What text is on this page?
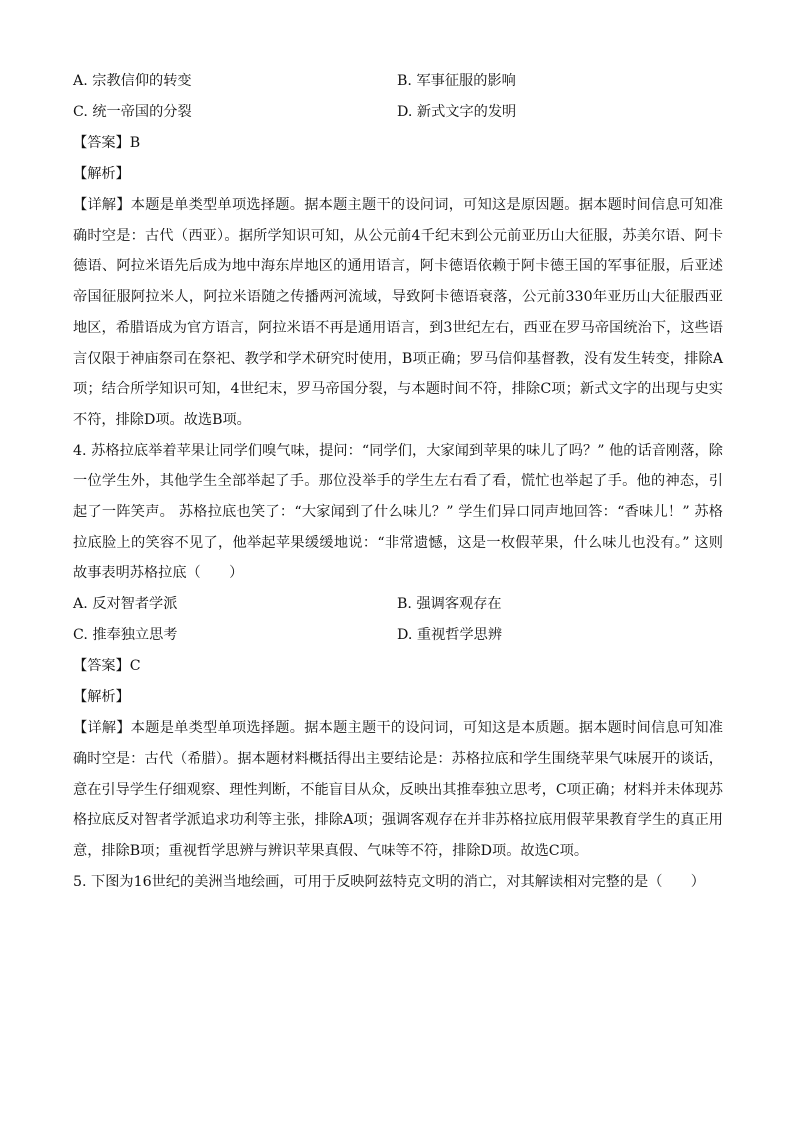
A. 宗教信仰的转变	B. 军事征服的影响
C. 统一帝国的分裂	D. 新式文字的发明
【答案】B
【解析】

【详解】本题是单类型单项选择题。据本题主题干的设问词，可知这是原因题。据本题时间信息可知准确时空是：古代（西亚）。据所学知识可知，从公元前4千纪末到公元前亚历山大征服，苏美尔语、阿卡德语、阿拉米语先后成为地中海东岸地区的通用语言，阿卡德语依赖于阿卡德王国的军事征服，后亚述帝国征服阿拉米人，阿拉米语随之传播两河流域，导致阿卡德语衰落，公元前330年亚历山大征服西亚地区，希腊语成为官方语言，阿拉米语不再是通用语言，到3世纪左右，西亚在罗马帝国统治下，这些语言仅限于神庙祭司在祭祀、教学和学术研究时使用，B项正确；罗马信仰基督教，没有发生转变，排除A项；结合所学知识可知，4世纪末，罗马帝国分裂，与本题时间不符，排除C项；新式文字的出现与史实不符，排除D项。故选B项。

4. 苏格拉底举着苹果让同学们嗅气味，提问：“同学们，大家闻到苹果的味儿了吗？” 他的话音刚落，除一位学生外，其他学生全部举起了手。那位没举手的学生左右看了看，慌忙也举起了手。他的神态，引起了一阵笑声。 苏格拉底也笑了：“大家闻到了什么味儿？” 学生们异口同声地回答：“香味儿！” 苏格拉底脸上的笑容不见了，他举起苹果缓缓地说：“非常遗憾，这是一枚假苹果，什么味儿也没有。” 这则故事表明苏格拉底（　　）

A. 反对智者学派	B. 强调客观存在
C. 推奉独立思考	D. 重视哲学思辨
【答案】C
【解析】

【详解】本题是单类型单项选择题。据本题主题干的设问词，可知这是本质题。据本题时间信息可知准确时空是：古代（希腊）。据本题材料概括得出主要结论是：苏格拉底和学生围绕苹果气味展开的谈话，意在引导学生仔细观察、理性判断，不能盲目从众，反映出其推奉独立思考，C项正确；材料并未体现苏格拉底反对智者学派追求功利等主张，排除A项；强调客观存在并非苏格拉底用假苹果教育学生的真正用意，排除B项；重视哲学思辨与辨识苹果真假、气味等不符，排除D项。故选C项。

5. 下图为16世纪的美洲当地绘画，可用于反映阿兹特克文明的消亡，对其解读相对完整的是（　　）
